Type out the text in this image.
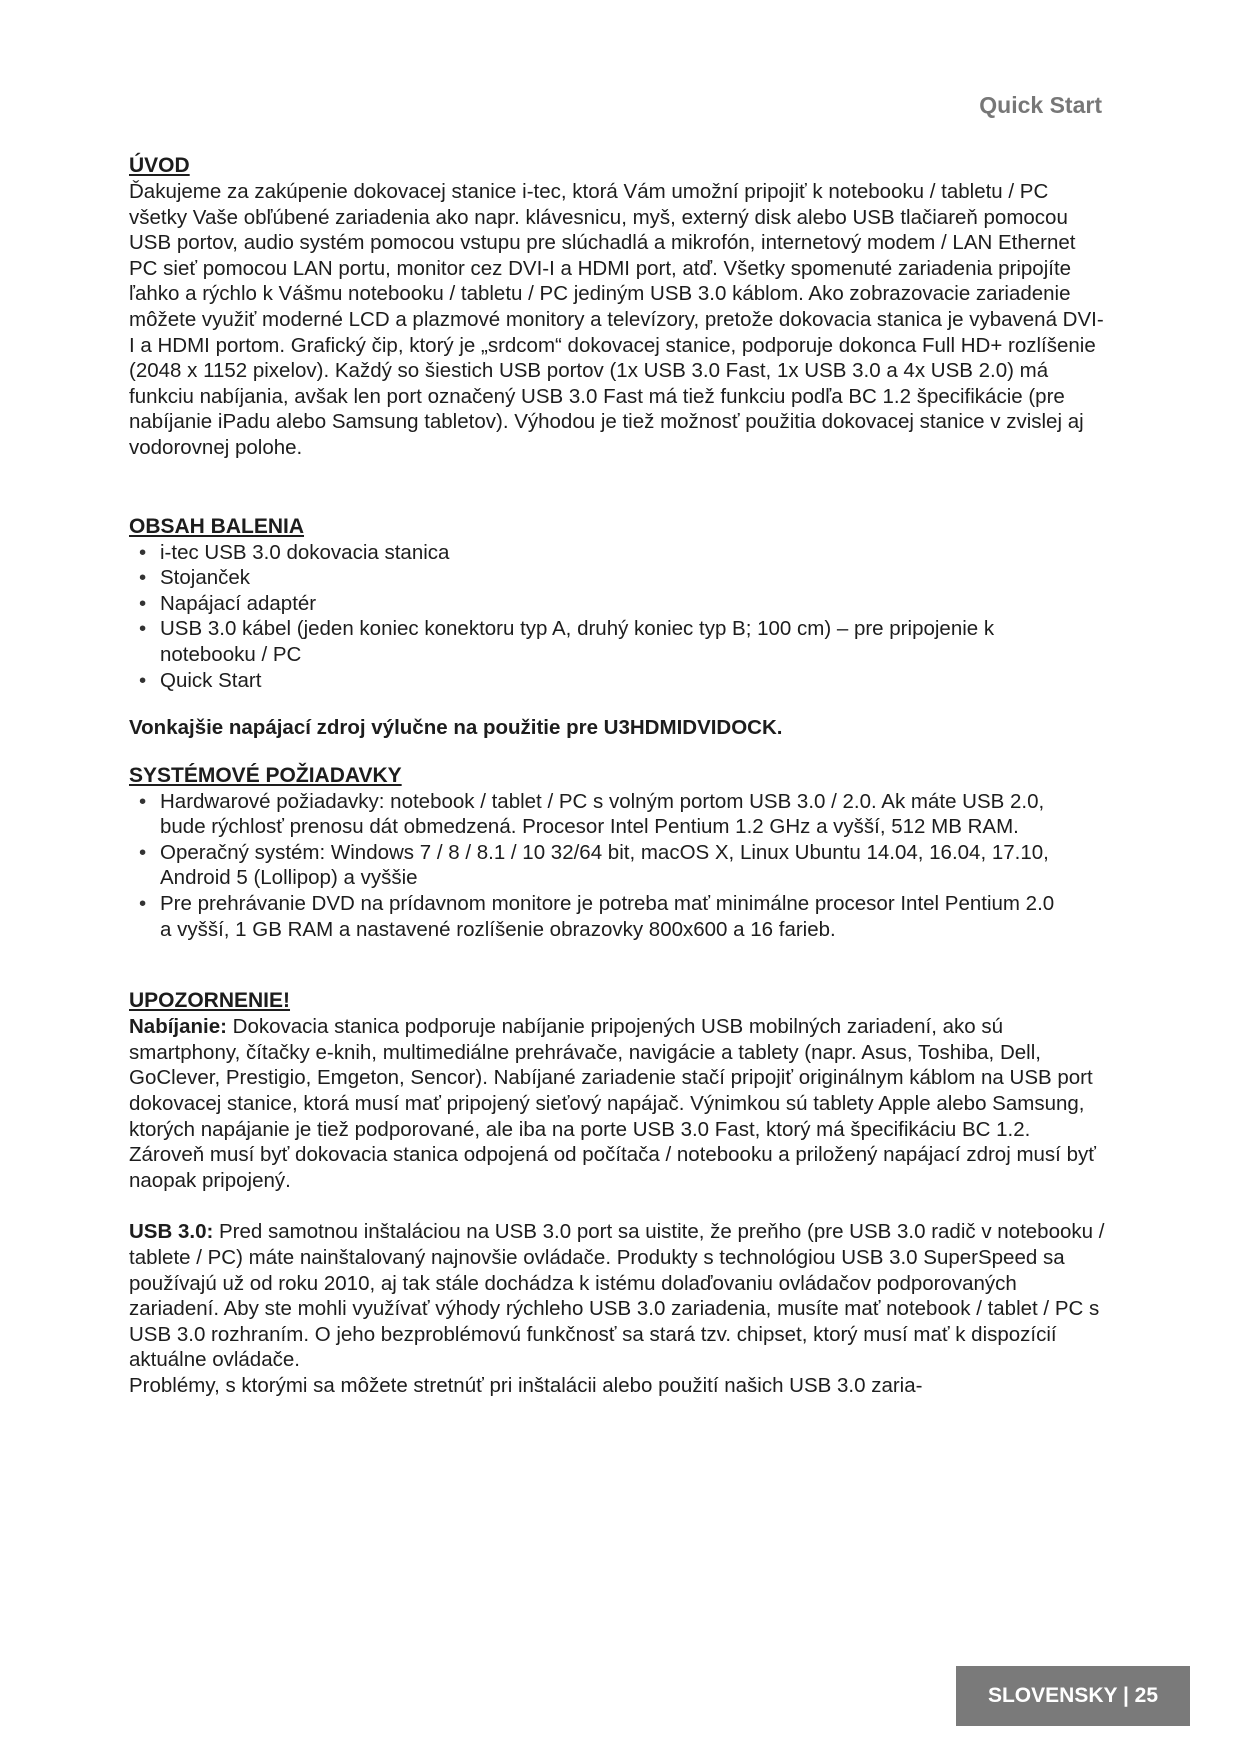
Quick Start
ÚVOD

Ďakujeme za zakúpenie dokovacej stanice i-tec, ktorá Vám umožní pripojiť k notebooku / tabletu / PC všetky Vaše obľúbené zariadenia ako napr. klávesnicu, myš, externý disk alebo USB tlačiareň pomocou USB portov, audio systém pomocou vstupu pre slúchadlá a mikrofón, internetový modem / LAN Ethernet PC sieť pomocou LAN portu, monitor cez DVI-I a HDMI port, atď. Všetky spomenuté zariadenia pripojíte ľahko a rýchlo k Vášmu notebooku / tabletu / PC jediným USB 3.0 káblom. Ako zobrazovacie zariadenie môžete využiť moderné LCD a plazmové monitory a televízory, pretože dokovacia stanica je vybavená DVI-I a HDMI portom. Grafický čip, ktorý je „srdcom“ dokovacej stanice, podporuje dokonca Full HD+ rozlíšenie (2048 x 1152 pixelov). Každý so šiestich USB portov (1x USB 3.0 Fast, 1x USB 3.0 a 4x USB 2.0) má funkciu nabíjania, avšak len port označený USB 3.0 Fast má tiež funkciu podľa BC 1.2 špecifikácie (pre nabíjanie iPadu alebo Samsung tabletov). Výhodou je tiež možnosť použitia dokovacej stanice v zvislej aj vodorovnej polohe.

OBSAH BALENIA
• i-tec USB 3.0 dokovacia stanica
• Stojanček
• Napájací adaptér
• USB 3.0 kábel (jeden koniec konektoru typ A, druhý koniec typ B; 100 cm) – pre pripojenie k notebooku / PC
• Quick Start

Vonkajšie napájací zdroj výlučne na použitie pre U3HDMIDVIDOCK.

SYSTÉMOVÉ POŽIADAVKY
• Hardwarové požiadavky: notebook / tablet / PC s volným portom USB 3.0 / 2.0. Ak máte USB 2.0, bude rýchlosť prenosu dát obmedzená. Procesor Intel Pentium 1.2 GHz a vyšší, 512 MB RAM.
• Operačný systém: Windows 7 / 8 / 8.1 / 10 32/64 bit, macOS X, Linux Ubuntu 14.04, 16.04, 17.10, Android 5 (Lollipop) a vyššie
• Pre prehrávanie DVD na prídavnom monitore je potreba mať minimálne procesor Intel Pentium 2.0 a vyšší, 1 GB RAM a nastavené rozlíšenie obrazovky 800x600 a 16 farieb.
UPOZORNENIE!

Nabíjanie: Dokovacia stanica podporuje nabíjanie pripojených USB mobilných zariadení, ako sú smartphony, čítačky e-knih, multimediálne prehrávače, navigácie a tablety (napr. Asus, Toshiba, Dell, GoClever, Prestigio, Emgeton, Sencor). Nabíjané zariadenie stačí pripojiť originálnym káblom na USB port dokovacej stanice, ktorá musí mať pripojený sieťový napájač. Výnimkou sú tablety Apple alebo Samsung, ktorých napájanie je tiež podporované, ale iba na porte USB 3.0 Fast, ktorý má špecifikáciu BC 1.2. Zároveň musí byť dokovacia stanica odpojená od počítača / notebooku a priložený napájací zdroj musí byť naopak pripojený.

USB 3.0: Pred samotnou inštaláciou na USB 3.0 port sa uistite, že preňho (pre USB 3.0 radič v notebooku / tablete / PC) máte nainštalovaný najnovšie ovládače. Produkty s technológiou USB 3.0 SuperSpeed sa používajú už od roku 2010, aj tak stále dochádza k istému dolaďovaniu ovládačov podporovaných zariadení. Aby ste mohli využívať výhody rýchleho USB 3.0 zariadenia, musíte mať notebook / tablet / PC s USB 3.0 rozhraním. O jeho bezproblémovú funkčnosť sa stará tzv. chipset, ktorý musí mať k dispozícií aktuálne ovládače.

Problémy, s ktorými sa môžete stretnúť pri inštalácii alebo použití našich USB 3.0 zaria-

SLOVENSKY | 25
